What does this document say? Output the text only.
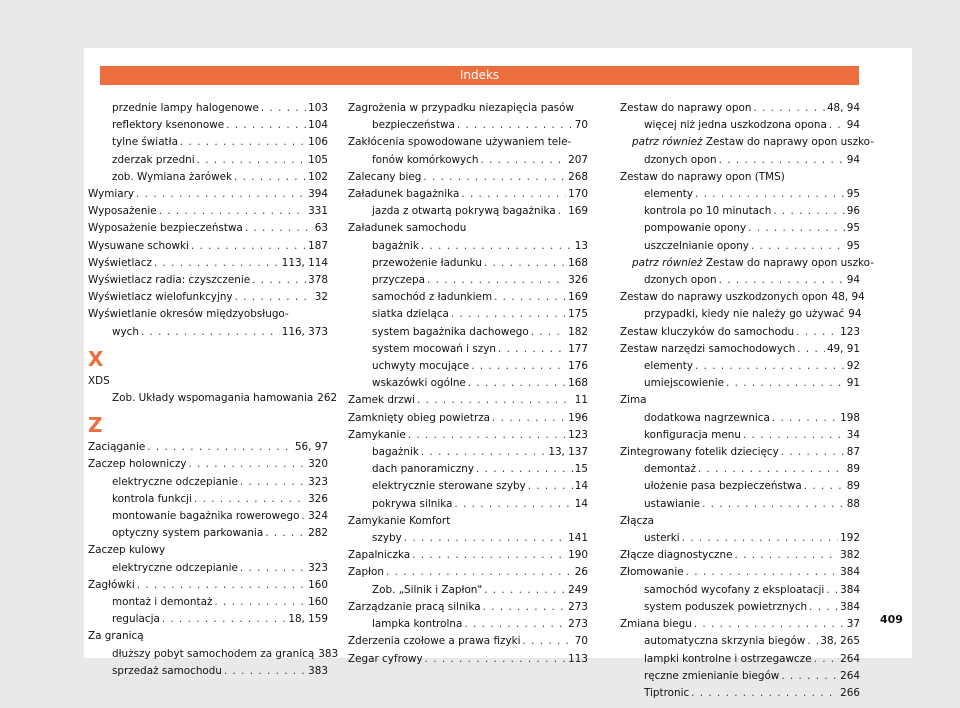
Indeks
przednie lampy halogenowe . . .	103
reflektory ksenonowe . . .	104
tylne światła . . .	106
zderzak przedni . . .	105
zob. Wymiana żarówek . . .	102
Wymiary . . .	394
Wyposażenie . . .	331
Wyposażenie bezpieczeństwa . . .	63
Wysuwane schowki . . .	187
Wyświetlacz . . .	113, 114
Wyświetlacz radia: czyszczenie . . .	378
Wyświetlacz wielofunkcyjny . . .	32
Wyświetlanie okresów międzyobsługo-
wych . . .	116, 373
X
XDS
Zob. Układy wspomagania hamowania 262
Z
Zaciąganie . . .	56, 97
Zaczep holowniczy . . .	320
elektryczne odczepianie . . .	323
kontrola funkcji . . .	326
montowanie bagażnika rowerowego . . . 324
optyczny system parkowania . . .	282
Zaczep kulowy
elektryczne odczepianie . . .	323
Zagłówki . . .	160
montaż i demontaż . . .	160
regulacja . . .	18, 159
Za granicą
dłuższy pobyt samochodem za granicą 383
sprzedaż samochodu . . .	383
Zagrożenia w przypadku niezapięcia pasów
bezpieczeństwa . . .	70
Zakłócenia spowodowane używaniem tele-
fonów komórkowych . . .	207
Zalecany bieg . . .	268
Załadunek bagażnika . . .	170
jazda z otwartą pokrywą bagażnika . . . 169
Załadunek samochodu
bagażnik . . .	13
przewożenie ładunku . . .	168
przyczepa . . .	326
samochód z ładunkiem . . .	169
siatka dzieląca . . .	175
system bagażnika dachowego . . .	182
system mocowań i szyn . . .	177
uchwyty mocujące . . .	176
wskazówki ogólne . . .	168
Zamek drzwi . . .	11
Zamknięty obieg powietrza . . .	196
Zamykanie . . .	123
bagażnik . . .	13, 137
dach panoramiczny . . .	15
elektrycznie sterowane szyby . . .	14
pokrywa silnika . . .	14
Zamykanie Komfort
szyby . . .	141
Zapalniczka . . .	190
Zapłon . . .	26
Zob. „Silnik i Zapłon" . . .	249
Zarządzanie pracą silnika . . .	273
lampka kontrolna . . .	273
Zderzenia czołowe a prawa fizyki . . .	70
Zegar cyfrowy . . .	113
Zestaw do naprawy opon . . .	48, 94
więcej niż jedna uszkodzona opona . . . 94
patrz również Zestaw do naprawy opon uszko-
dzonych opon . . .	94
Zestaw do naprawy opon (TMS)
elementy . . .	95
kontrola po 10 minutach . . .	96
pompowanie opony . . .	95
uszczelnianie opony . . .	95
patrz również Zestaw do naprawy opon uszko-
dzonych opon . . .	94
Zestaw do naprawy uszkodzonych opon 48, 94
przypadki, kiedy nie należy go używać 94
Zestaw kluczyków do samochodu . . .	123
Zestaw narzędzi samochodowych . . .	49, 91
elementy . . .	92
umiejscowienie . . .	91
Zima
dodatkowa nagrzewnica . . .	198
konfiguracja menu . . .	34
Zintegrowany fotelik dziecięcy . . .	87
demontaż . . .	89
ułożenie pasa bezpieczeństwa . . .	89
ustawianie . . .	88
Złącza
usterki . . .	192
Złącze diagnostyczne . . .	382
Złomowanie . . .	384
samochód wycofany z eksploatacji . . . 384
system poduszek powietrznych . . .	384
Zmiana biegu . . .	37
automatyczna skrzynia biegów . . . 38, 265
lampki kontrolne i ostrzegawcze . . .	264
ręczne zmienianie biegów . . .	264
Tiptronic . . .	266
409
